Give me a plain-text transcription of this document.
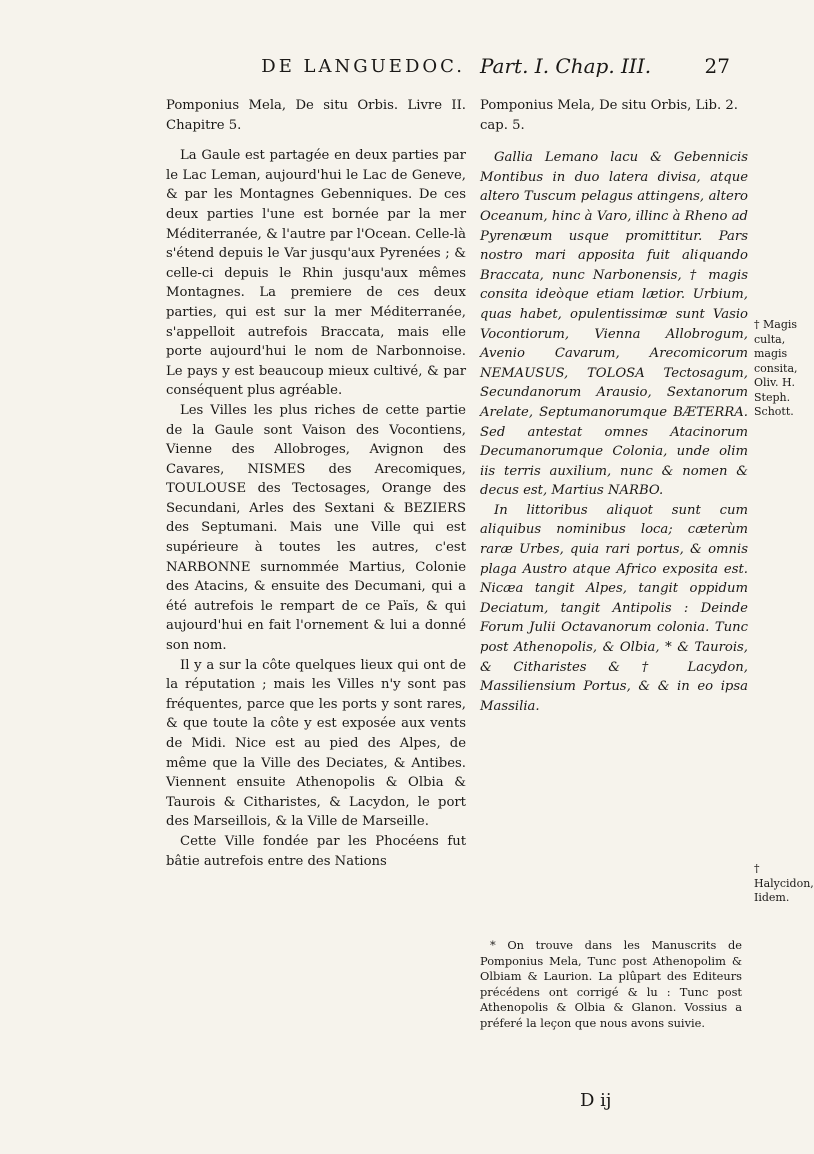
DE LANGUEDOC. Part. I. Chap. III.	27

Pomponius Mela, De situ Orbis. Livre II. Chapitre 5.

La Gaule est partagée en deux parties par le Lac Leman, aujourd'hui le Lac de Geneve, & par les Montagnes Gebenniques. De ces deux parties l'une est bornée par la mer Méditerranée, & l'autre par l'Ocean. Celle-là s'étend depuis le Var jusqu'aux Pyrenées ; & celle-ci depuis le Rhin jusqu'aux mêmes Montagnes. La premiere de ces deux parties, qui est sur la mer Méditerranée, s'appelloit autrefois Braccata, mais elle porte aujourd'hui le nom de Narbonnoise. Le pays y est beaucoup mieux cultivé, & par conséquent plus agréable.

Les Villes les plus riches de cette partie de la Gaule sont Vaison des Vocontiens, Vienne des Allobroges, Avignon des Cavares, NISMES des Arecomiques, TOULOUSE des Tectosages, Orange des Secundani, Arles des Sextani & BEZIERS des Septumani. Mais une Ville qui est supérieure à toutes les autres, c'est NARBONNE surnommée Martius, Colonie des Atacins, & ensuite des Decumani, qui a été autrefois le rempart de ce Païs, & qui aujourd'hui en fait l'ornement & lui a donné son nom.

Il y a sur la côte quelques lieux qui ont de la réputation ; mais les Villes n'y sont pas fréquentes, parce que les ports y sont rares, & que toute la côte y est exposée aux vents de Midi. Nice est au pied des Alpes, de même que la Ville des Deciates, & Antibes. Viennent ensuite Athenopolis & Olbia & Taurois & Citharistes, & Lacydon, le port des Marseillois, & la Ville de Marseille.

Cette Ville fondée par les Phocéens fut bâtie autrefois entre des Nations

Pomponius Mela, De situ Orbis, Lib. 2. cap. 5.

Gallia Lemano lacu & Gebennicis Montibus in duo latera divisa, atque altero Tuscum pelagus attingens, altero Oceanum, hinc à Varo, illinc à Rheno ad Pyrenæum usque promittitur. Pars nostro mari apposita fuit aliquando Braccata, nunc Narbonensis, † magis consita ideòque etiam lætior. Urbium, quas habet, opulentissimæ sunt Vasio Vocontiorum, Vienna Allobrogum, Avenio Cavarum, Arecomicorum NEMAUSUS, TOLOSA Tectosagum, Secundanorum Arausio, Sextanorum Arelate, Septumanorumque BÆTERRA. Sed antestat omnes Atacinorum Decumanorumque Colonia, unde olim iis terris auxilium, nunc & nomen & decus est, Martius NARBO.

In littoribus aliquot sunt cum aliquibus nominibus loca; cæterùm raræ Urbes, quia rari portus, & omnis plaga Austro atque Africo exposita est. Nicæa tangit Alpes, tangit oppidum Deciatum, tangit Antipolis : Deinde Forum Julii Octavanorum colonia. Tunc post Athenopolis, & Olbia, * & Taurois, & Citharistes & † Lacydon, Massiliensium Portus, & & in eo ipsa Massilia.

† Magis culta, magis consita, Oliv. H. Steph. Schott.
† Halycidon, Iidem.
* On trouve dans les Manuscrits de Pomponius Mela, Tunc post Athenopolim & Olbiam & Laurion. La plûpart des Editeurs précédens ont corrigé & lu : Tunc post Athenopolis & Olbia & Glanon. Vossius a préferé la leçon que nous avons suivie.
D ij
